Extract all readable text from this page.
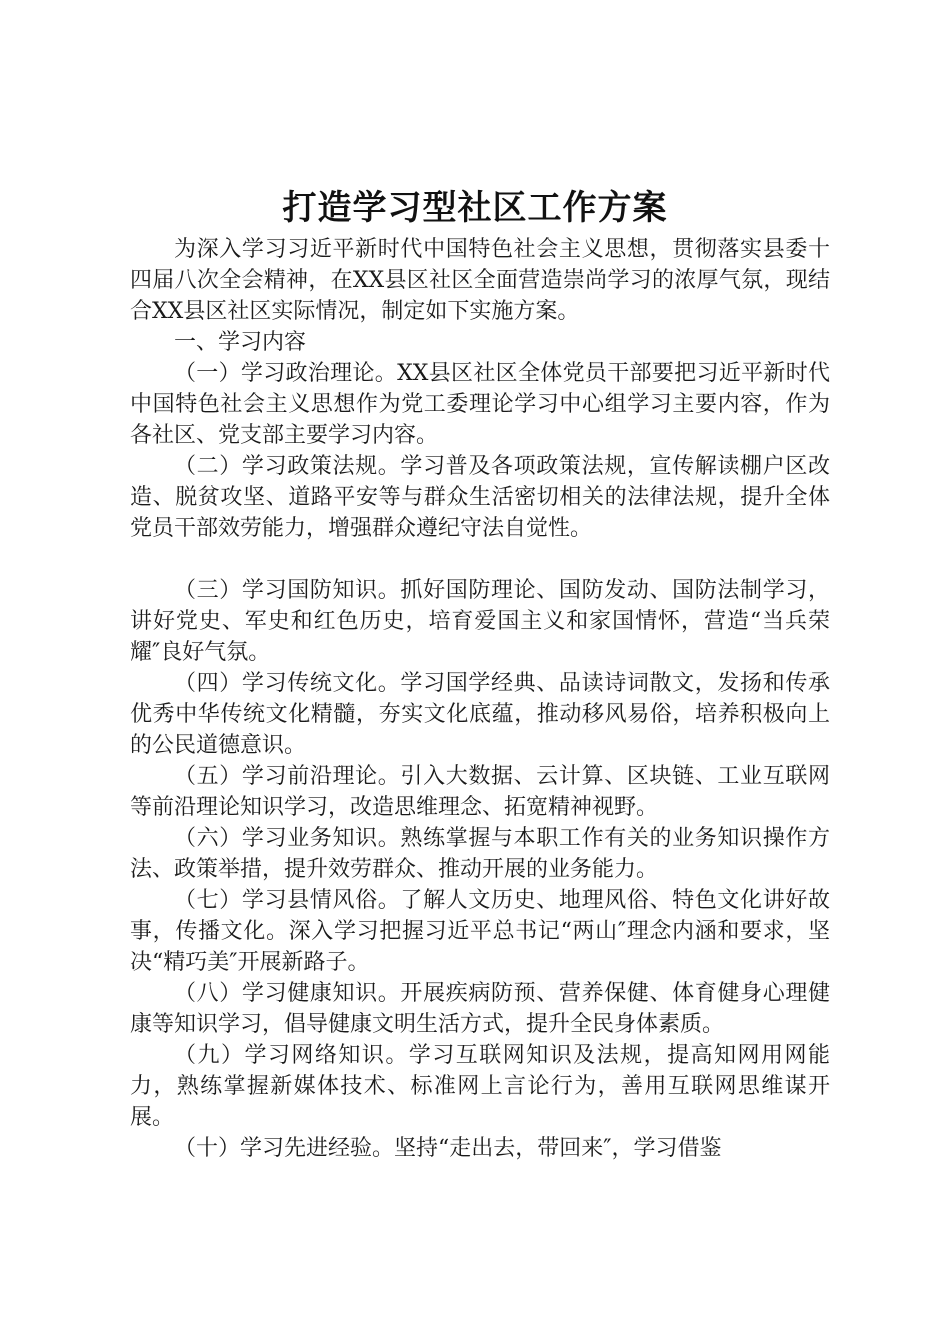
打造学习型社区工作方案

为深入学习习近平新时代中国特色社会主义思想，贯彻落实县委十四届八次全会精神，在XX县区社区全面营造崇尚学习的浓厚气氛，现结合XX县区社区实际情况，制定如下实施方案。

一、学习内容

（一）学习政治理论。XX县区社区全体党员干部要把习近平新时代中国特色社会主义思想作为党工委理论学习中心组学习主要内容，作为各社区、党支部主要学习内容。

（二）学习政策法规。学习普及各项政策法规，宣传解读棚户区改造、脱贫攻坚、道路平安等与群众生活密切相关的法律法规，提升全体党员干部效劳能力，增强群众遵纪守法自觉性。

（三）学习国防知识。抓好国防理论、国防发动、国防法制学习，讲好党史、军史和红色历史，培育爱国主义和家国情怀，营造“当兵荣耀″良好气氛。

（四）学习传统文化。学习国学经典、品读诗词散文，发扬和传承优秀中华传统文化精髓，夯实文化底蕴，推动移风易俗，培养积极向上的公民道德意识。

（五）学习前沿理论。引入大数据、云计算、区块链、工业互联网等前沿理论知识学习，改造思维理念、拓宽精神视野。

（六）学习业务知识。熟练掌握与本职工作有关的业务知识操作方法、政策举措，提升效劳群众、推动开展的业务能力。

（七）学习县情风俗。了解人文历史、地理风俗、特色文化讲好故事，传播文化。深入学习把握习近平总书记“两山″理念内涵和要求，坚决“精巧美″开展新路子。

（八）学习健康知识。开展疾病防预、营养保健、体育健身心理健康等知识学习，倡导健康文明生活方式，提升全民身体素质。

（九）学习网络知识。学习互联网知识及法规，提高知网用网能力，熟练掌握新媒体技术、标准网上言论行为，善用互联网思维谋开展。

（十）学习先进经验。坚持“走出去，带回来″，学习借鉴
